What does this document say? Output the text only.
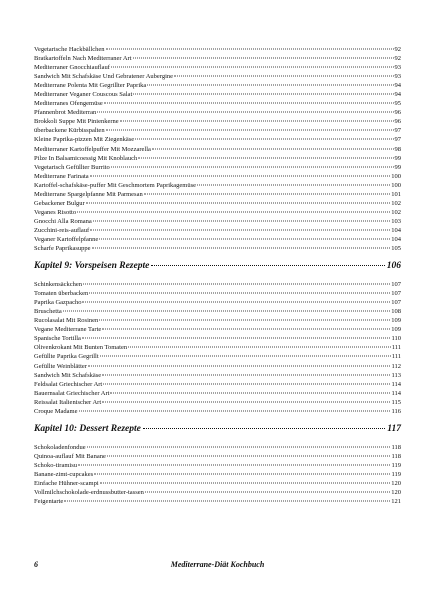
Vegetarische Hackbällchen	92
Bratkartoffeln Nach Mediterraner Art	92
Mediterraner Gnocchiauflauf	93
Sandwich Mit Schafskäse Und Gebratener Aubergine	93
Mediterrane Polenta Mit Gegrillter Paprika	94
Mediterraner Veganer Couscous Salat	94
Mediterranes Ofengemüse	95
Pfannenbrot Mediterran	96
Brokkoli Suppe Mit Pinienkerne	96
überbackene Kürbisspalten	97
Kleine Paprika-pizzen Mit Ziegenkäse	97
Mediterraner Kartoffelpuffer Mit Mozzarella	98
Pilze In Balsamicoessig Mit Knoblauch	99
Vegetarisch Gefüllter Burrito	99
Mediterrane Farinata	100
Kartoffel-schafskäse-puffer Mit Geschmortem Paprikagemüse	100
Mediterrane Spargelpfanne Mit Parmesan	101
Gebackener Bulgur	102
Veganes Risotto	102
Gnocchi Alla Romana	103
Zucchini-reis-auflauf	104
Veganer Kartoffelpfanne	104
Scharfe Paprikasuppe	105
Kapitel 9: Vorspeisen Rezepte	106
Schinkensäckchen	107
Tomaten überbacken	107
Paprika Gazpacho	107
Bruschetta	108
Rucolasalat Mit Rosinen	109
Vegane Mediterrane Tarte	109
Spanische Tortilla	110
Olivenkrokant Mit Bunten Tomaten	111
Gefüllte Paprika Gegrillt	111
Gefüllte Weinblätter	112
Sandwich Mit Schafskäse	113
Feldsalat Griechischer Art	114
Bauernsalat Griechischer Art	114
Reissalat Italienischer Art	115
Croque Madame	116
Kapitel 10: Dessert Rezepte	117
Schokoladenfondue	118
Quinoa-auflauf Mit Banane	118
Schoko-tiramisu	119
Banane-zimt-cupcakes	119
Einfache Hühner-scampi	120
Vollmilchschokolade-erdnussbutter-tassen	120
Feigentarte	121
6	Mediterrane-Diät Kochbuch
